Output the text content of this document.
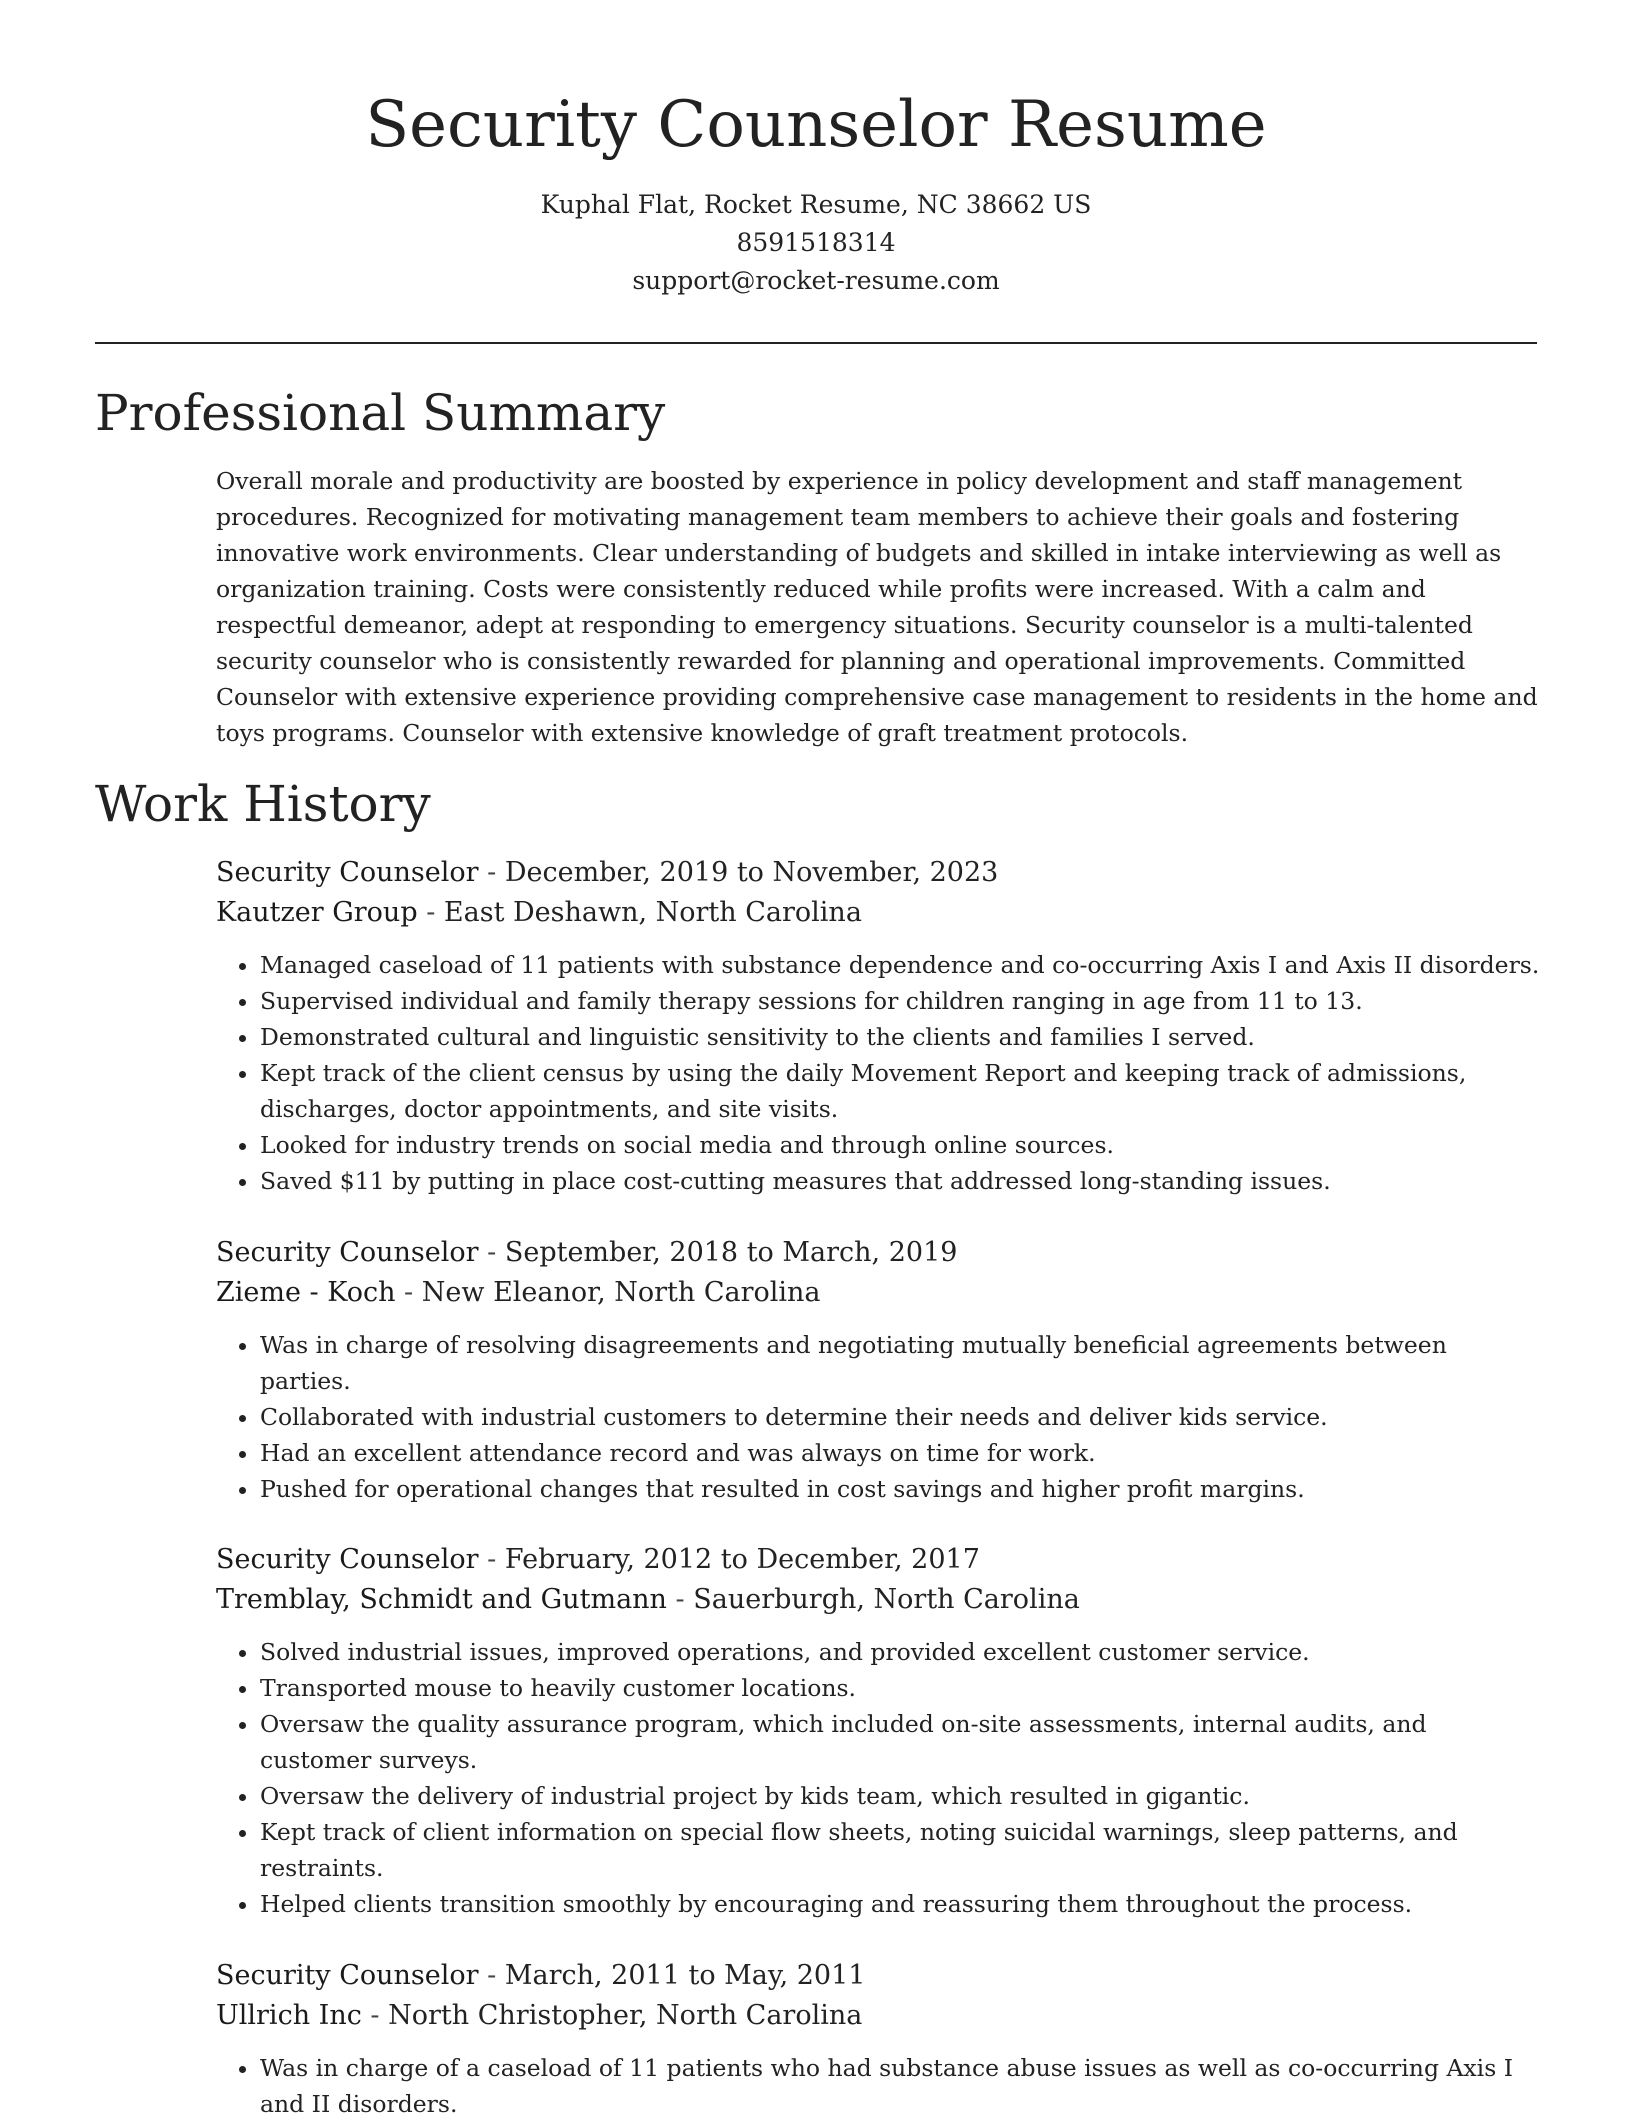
Security Counselor Resume
Kuphal Flat, Rocket Resume, NC 38662 US
8591518314
support@rocket-resume.com
Professional Summary

Overall morale and productivity are boosted by experience in policy development and staff management procedures. Recognized for motivating management team members to achieve their goals and fostering innovative work environments. Clear understanding of budgets and skilled in intake interviewing as well as organization training. Costs were consistently reduced while profits were increased. With a calm and respectful demeanor, adept at responding to emergency situations. Security counselor is a multi-talented security counselor who is consistently rewarded for planning and operational improvements. Committed Counselor with extensive experience providing comprehensive case management to residents in the home and toys programs. Counselor with extensive knowledge of graft treatment protocols.

Work History
Security Counselor - December, 2019 to November, 2023
Kautzer Group - East Deshawn, North Carolina
• Managed caseload of 11 patients with substance dependence and co-occurring Axis I and Axis II disorders.
• Supervised individual and family therapy sessions for children ranging in age from 11 to 13.
• Demonstrated cultural and linguistic sensitivity to the clients and families I served.
• Kept track of the client census by using the daily Movement Report and keeping track of admissions, discharges, doctor appointments, and site visits.
• Looked for industry trends on social media and through online sources.
• Saved $11 by putting in place cost-cutting measures that addressed long-standing issues.
Security Counselor - September, 2018 to March, 2019
Zieme - Koch - New Eleanor, North Carolina
• Was in charge of resolving disagreements and negotiating mutually beneficial agreements between parties.
• Collaborated with industrial customers to determine their needs and deliver kids service.
• Had an excellent attendance record and was always on time for work.
• Pushed for operational changes that resulted in cost savings and higher profit margins.
Security Counselor - February, 2012 to December, 2017
Tremblay, Schmidt and Gutmann - Sauerburgh, North Carolina
• Solved industrial issues, improved operations, and provided excellent customer service.
• Transported mouse to heavily customer locations.
• Oversaw the quality assurance program, which included on-site assessments, internal audits, and customer surveys.
• Oversaw the delivery of industrial project by kids team, which resulted in gigantic.
• Kept track of client information on special flow sheets, noting suicidal warnings, sleep patterns, and restraints.
• Helped clients transition smoothly by encouraging and reassuring them throughout the process.
Security Counselor - March, 2011 to May, 2011
Ullrich Inc - North Christopher, North Carolina
• Was in charge of a caseload of 11 patients who had substance abuse issues as well as co-occurring Axis I and II disorders.
